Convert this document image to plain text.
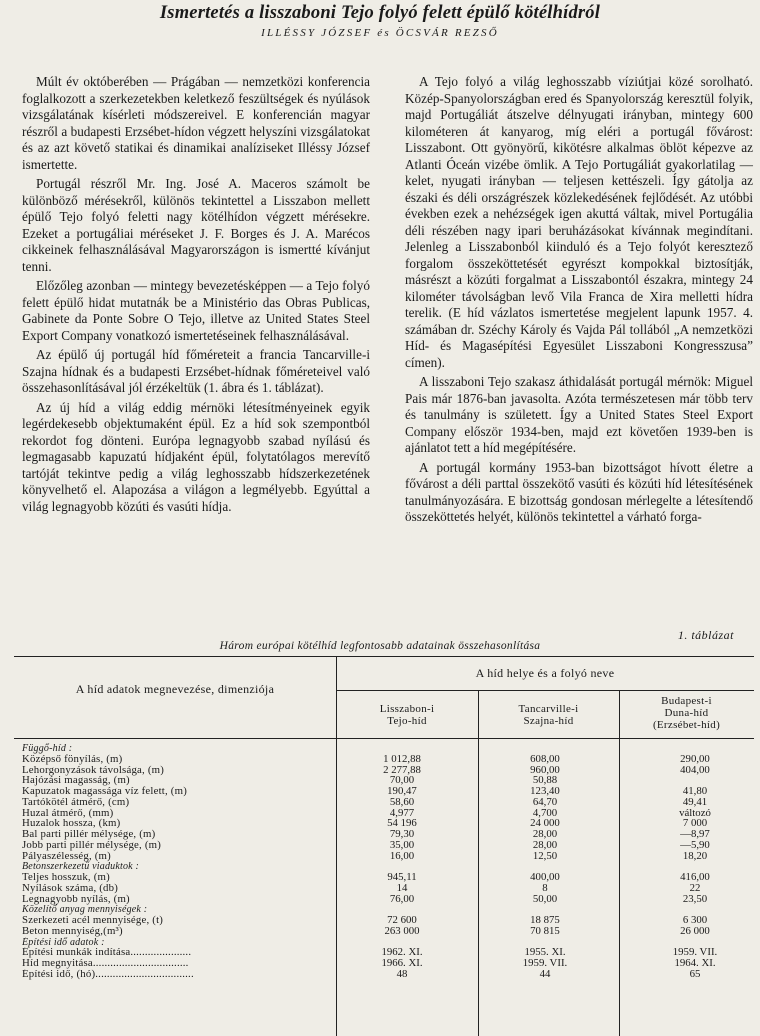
Ismertetés a lisszaboni Tejo folyó felett épülő kötélhídról
ILLÉSSY JÓZSEF és ÖCSVÁR REZSŐ

Múlt év októberében — Prágában — nemzetközi konferencia foglalkozott a szerkezetekben keletkező feszültségek és nyúlások vizsgálatának kísérleti módszereivel. E konferencián magyar részről a budapesti Erzsébet-hídon végzett helyszíni vizsgálatokat és az azt követő statikai és dinamikai analíziseket Illéssy József ismertette.

Portugál részről Mr. Ing. José A. Maceros számolt be különböző mérésekről, különös tekintettel a Lisszabon mellett épülő Tejo folyó feletti nagy kötélhídon végzett mérésekre. Ezeket a portugáliai méréseket J. F. Borges és J. A. Marécos cikkeinek felhasználásával Magyarországon is ismertté kívánjut tenni.

Előzőleg azonban — mintegy bevezetésképpen — a Tejo folyó felett épülő hidat mutatnák be a Ministério das Obras Publicas, Gabinete da Ponte Sobre O Tejo, illetve az United States Steel Export Company vonatkozó ismertetéseinek felhasználásával.

Az épülő új portugál híd főméreteit a francia Tancarville-i Szajna hídnak és a budapesti Erzsébet-hídnak főméreteivel való összehasonlításával jól érzékeltük (1. ábra és 1. táblázat).

Az új híd a világ eddig mérnöki létesítményeinek egyik legérdekesebb objektumaként épül. Ez a híd sok szempontból rekordot fog dönteni. Európa legnagyobb szabad nyílású és legmagasabb kapuzatú hídjaként épül, folytatólagos merevítő tartóját tekintve pedig a világ leghosszabb hídszerkezetének könyvelhető el. Alapozása a világon a legmélyebb. Egyúttal a világ legnagyobb közúti és vasúti hídja.

A Tejo folyó a világ leghosszabb víziútjai közé sorolható. Közép-Spanyolországban ered és Spanyolország keresztül folyik, majd Portugáliát átszelve délnyugati irányban, mintegy 600 kilométeren át kanyarog, míg eléri a portugál fővárost: Lisszabont. Ott gyönyörű, kikötésre alkalmas öblöt képezve az Atlanti Óceán vizébe ömlik. A Tejo Portugáliát gyakorlatilag — kelet, nyugati irányban — teljesen kettészeli. Így gátolja az északi és déli országrészek közlekedésének fejlődését. Az utóbbi években ezek a nehézségek igen akuttá váltak, mivel Portugália déli részében nagy ipari beruházásokat kívánnak megindítani. Jelenleg a Lisszabonból kiinduló és a Tejo folyót keresztező forgalom összeköttetését egyrészt kompokkal biztosítják, másrészt a közúti forgalmat a Lisszabontól északra, mintegy 24 kilométer távolságban levő Vila Franca de Xira melletti hídra terelik. (E híd vázlatos ismertetése megjelent lapunk 1957. 4. számában dr. Széchy Károly és Vajda Pál tollából „A nemzetközi Híd- és Magasépítési Egyesület Lisszaboni Kongresszusa” címen).

A lisszaboni Tejo szakasz áthidalását portugál mérnök: Miguel Pais már 1876-ban javasolta. Azóta természetesen már több terv és tanulmány is született. Így a United States Steel Export Company először 1934-ben, majd ezt követően 1939-ben is ajánlatot tett a híd megépítésére.

A portugál kormány 1953-ban bizottságot hívott életre a fővárost a déli parttal összekötő vasúti és közúti híd létesítésének tanulmányozására. E bizottság gondosan mérlegelte a létesítendő összeköttetés helyét, különös tekintettel a várható forga-

1. táblázat
Három európai kötélhíd legfontosabb adatainak összehasonlítása
A híd adatok megnevezése, dimenziója
A híd helye és a folyó neve
Lisszabon-i
Tejo-híd
Tancarville-i
Szajna-híd
Budapest-i
Duna-híd
(Erzsébet-híd)
Függő-híd :
Középső fönyílás, (m)	1 012,88	608,00	290,00
Lehorgonyzások távolsága, (m)	2 277,88	960,00	404,00
Hajózási magasság, (m)	70,00	50,88
Kapuzatok magassága víz felett, (m)	190,47	123,40	41,80
Tartókötél átmérő, (cm)	58,60	64,70	49,41
Huzal átmérő, (mm)	4,977	4,700	változó
Huzalok hossza, (km)	54 196	24 000	7 000
Bal parti pillér mélysége, (m)	79,30	28,00	—8,97
Jobb parti pillér mélysége, (m)	35,00	28,00	—5,90
Pályaszélesség, (m)	16,00	12,50	18,20
Betonszerkezetű viaduktok :
Teljes hosszuk, (m)	945,11	400,00	416,00
Nyílások száma, (db)	14	8	22
Legnagyobb nyílás, (m)	76,00	50,00	23,50
Közelítő anyag mennyiségek :
Szerkezeti acél mennyisége, (t)	72 600	18 875	6 300
Beton mennyiség,(m³)	263 000	70 815	26 000
Építési idő adatok :
Építési munkák indítása.....................	1962. XI.	1955. XI.	1959. VII.
Híd megnyitása.................................	1966. XI.	1959. VII.	1964. XI.
Építési idő, (hó)..................................	48	44	65
